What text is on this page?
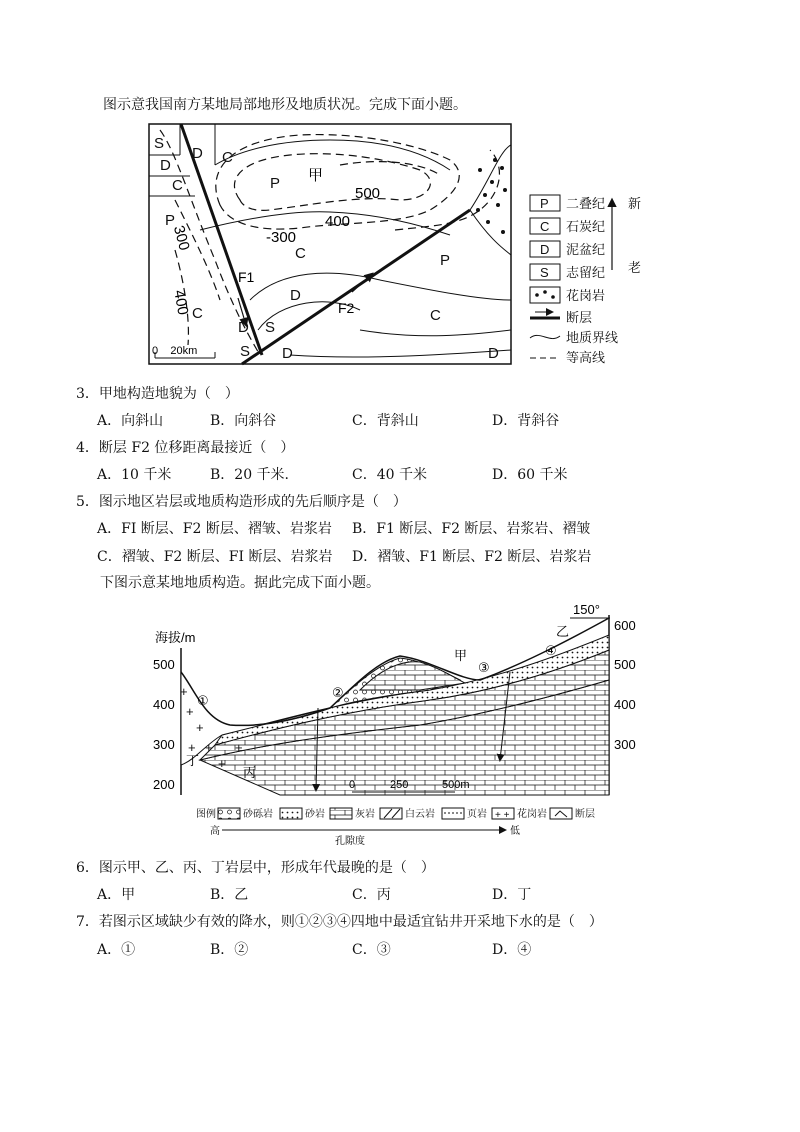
图示意我国南方某地局部地形及地质状况。完成下面小题。
S
D
C
D C
P
P
C
D
D S
S
C
D
P
C
D
甲
500
400
-300
300
400
F1
F2
0    20km
P 二叠纪
C 石炭纪
D 泥盆纪
S 志留纪
花岗岩
断层
地质界线
等高线
新
老
3．甲地构造地貌为（　）
A．向斜山	B．向斜谷	C．背斜山	D．背斜谷
4．断层 F2 位移距离最接近（　）
A．10 千米	B．20 千米.	C．40 千米	D．60 千米
5．图示地区岩层或地质构造形成的先后顺序是（　）
A．FI 断层、F2 断层、褶皱、岩浆岩 B．F1 断层、F2 断层、岩浆岩、褶皱
C．褶皱、F2 断层、FI 断层、岩浆岩 D．褶皱、F1 断层、F2 断层、岩浆岩
下图示意某地地质构造。据此完成下面小题。
海拔/m
500
400
300
200
600
500
400
300
+
+
+
+ +
+
+
甲
乙
丙
丁
①
②
③
④
150°
0	250	500m
图例	砂砾岩	砂岩	灰岩	白云岩	页岩 + + 花岗岩	断层
高
孔隙度
低
6．图示甲、乙、丙、丁岩层中，形成年代最晚的是（　）
A．甲	B．乙	C．丙	D．丁
7．若图示区域缺少有效的降水，则①②③④四地中最适宜钻井开采地下水的是（　）
A．①	B．②	C．③	D．④
